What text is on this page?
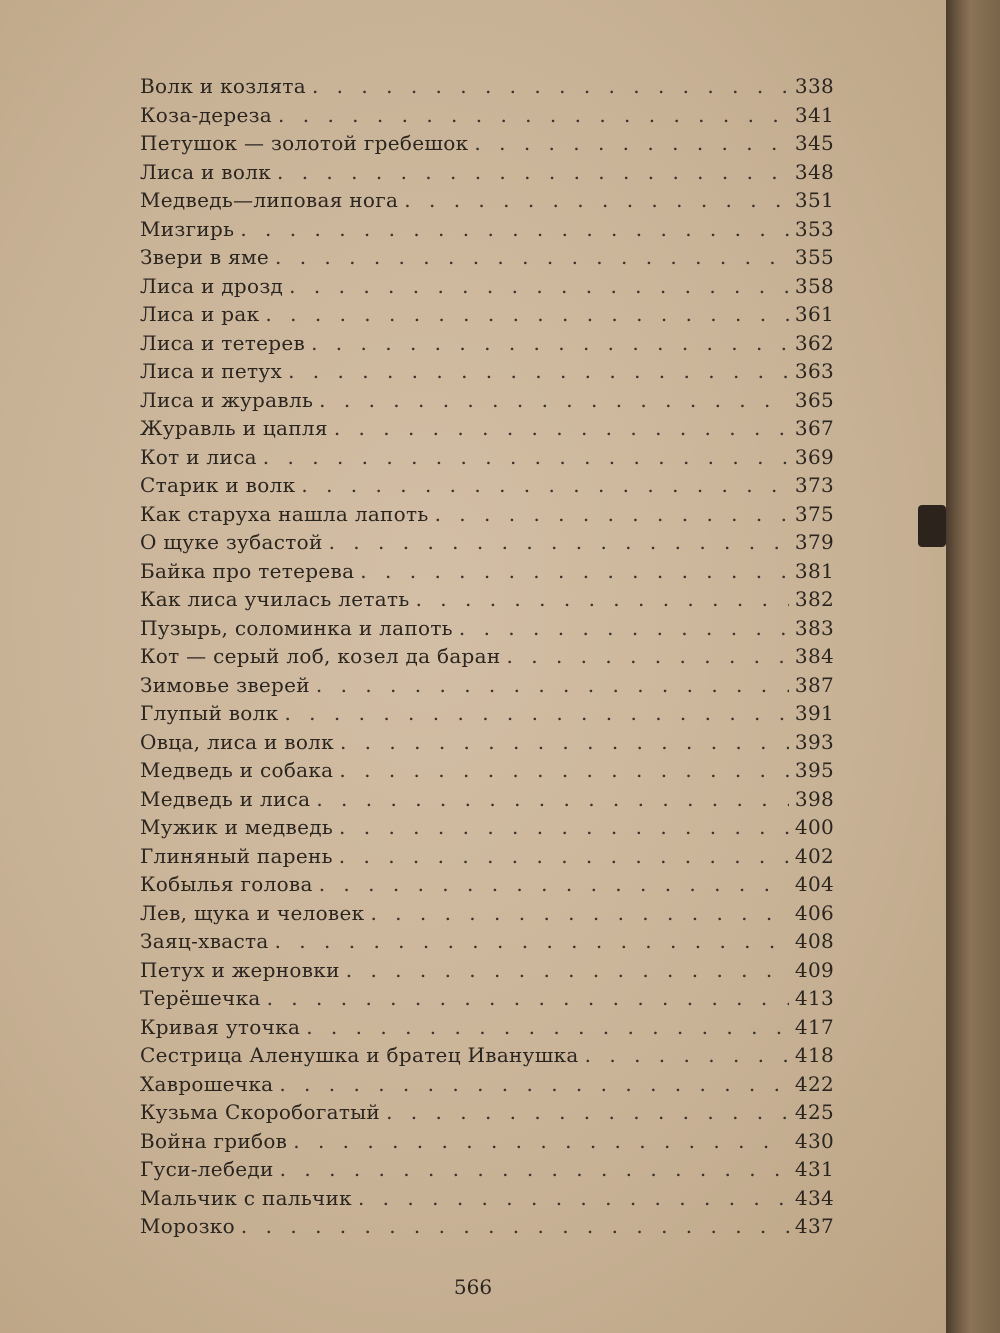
Волк и козлята . . .	338
Коза-дереза . . .	341
Петушок — золотой гребешок . . .	345
Лиса и волк . . .	348
Медведь—липовая нога . . .	351
Мизгирь . . .	353
Звери в яме . . .	355
Лиса и дрозд . . .	358
Лиса и рак . . .	361
Лиса и тетерев . . .	362
Лиса и петух . . .	363
Лиса и журавль . . .	365
Журавль и цапля . . .	367
Кот и лиса . . .	369
Старик и волк . . .	373
Как старуха нашла лапоть . . .	375
О щуке зубастой . . .	379
Байка про тетерева . . .	381
Как лиса училась летать . . .	382
Пузырь, соломинка и лапоть . . .	383
Кот — серый лоб, козел да баран . . .	384
Зимовье зверей . . .	387
Глупый волк . . .	391
Овца, лиса и волк . . .	393
Медведь и собака . . .	395
Медведь и лиса . . .	398
Мужик и медведь . . .	400
Глиняный парень . . .	402
Кобылья голова . . .	404
Лев, щука и человек . . .	406
Заяц-хваста . . .	408
Петух и жерновки . . .	409
Терёшечка . . .	413
Кривая уточка . . .	417
Сестрица Аленушка и братец Иванушка . . .	418
Хаврошечка . . .	422
Кузьма Скоробогатый . . .	425
Война грибов . . .	430
Гуси-лебеди . . .	431
Мальчик с пальчик . . .	434
Морозко . . .	437
566
